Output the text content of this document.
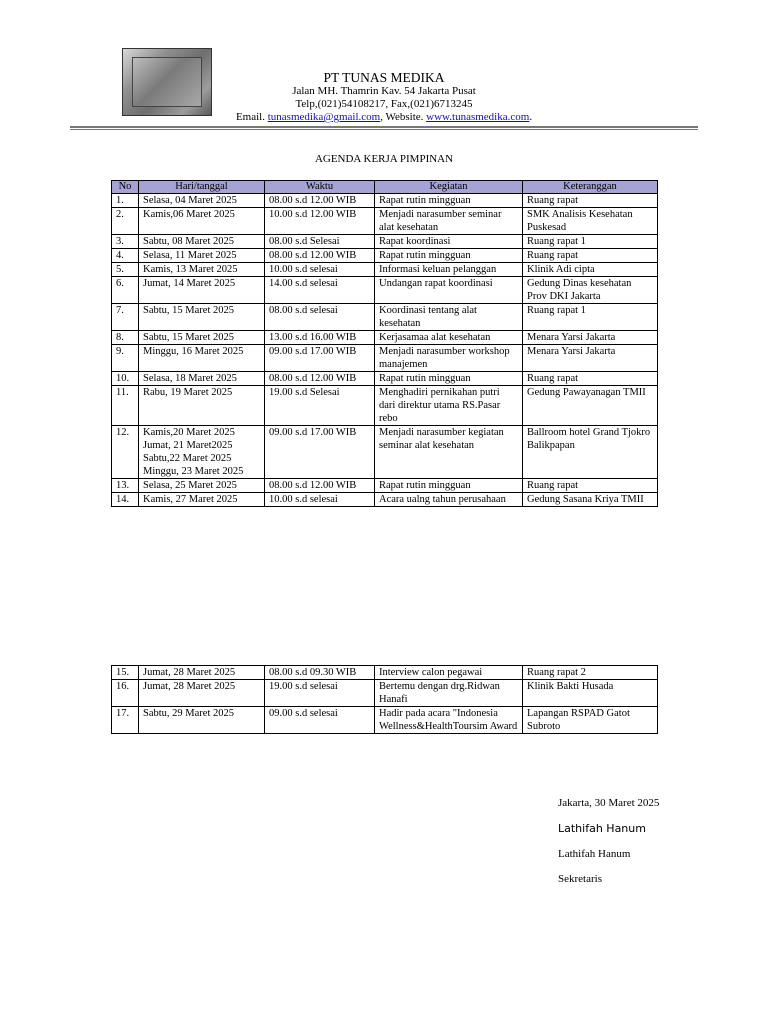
PT TUNAS MEDIKA
Jalan MH. Thamrin Kav. 54 Jakarta Pusat
Telp,(021)54108217, Fax,(021)6713245
Email. tunasmedika@gmail.com, Website. www.tunasmedika.com.
AGENDA KERJA PIMPINAN
No	Hari/tanggal	Waktu	Kegiatan	Keteranggan
1.	Selasa, 04 Maret 2025	08.00 s.d 12.00 WIB	Rapat rutin mingguan	Ruang rapat
2.	Kamis,06 Maret 2025	10.00 s.d 12.00 WIB	Menjadi narasumber seminar alat kesehatan	SMK Analisis Kesehatan Puskesad
3.	Sabtu, 08 Maret 2025	08.00 s.d Selesai	Rapat koordinasi	Ruang rapat 1
4.	Selasa, 11 Maret 2025	08.00 s.d 12.00 WIB	Rapat rutin mingguan	Ruang rapat
5.	Kamis, 13 Maret 2025	10.00 s.d selesai	Informasi keluan pelanggan	Klinik Adi cipta
6.	Jumat, 14 Maret 2025	14.00 s.d selesai	Undangan rapat koordinasi	Gedung Dinas kesehatan Prov DKI Jakarta
7.	Sabtu, 15 Maret 2025	08.00 s.d selesai	Koordinasi tentang alat kesehatan	Ruang rapat 1
8.	Sabtu, 15 Maret 2025	13.00 s.d 16.00 WIB	Kerjasamaa alat kesehatan	Menara Yarsi Jakarta
9.	Minggu, 16 Maret 2025	09.00 s.d 17.00 WIB	Menjadi narasumber workshop manajemen	Menara Yarsi Jakarta
10.	Selasa, 18 Maret 2025	08.00 s.d 12.00 WIB	Rapat rutin mingguan	Ruang rapat
11.	Rabu, 19 Maret 2025	19.00 s.d Selesai	Menghadiri pernikahan putri dari direktur utama RS.Pasar rebo	Gedung Pawayanagan TMII
12.	Kamis,20 Maret 2025 Jumat, 21 Maret2025 Sabtu,22 Maret 2025 Minggu, 23 Maret 2025	09.00 s.d 17.00 WIB	Menjadi narasumber kegiatan seminar alat kesehatan	Ballroom hotel Grand Tjokro Balikpapan
13.	Selasa, 25 Maret 2025	08.00 s.d 12.00 WIB	Rapat rutin mingguan	Ruang rapat
14.	Kamis, 27 Maret 2025	10.00 s.d selesai	Acara ualng tahun perusahaan	Gedung Sasana Kriya TMII
15.	Jumat, 28 Maret 2025	08.00 s.d 09.30 WIB	Interview calon pegawai	Ruang rapat 2
16.	Jumat, 28 Maret 2025	19.00 s.d selesai	Bertemu dengan drg.Ridwan Hanafi	Klinik Bakti Husada
17.	Sabtu, 29 Maret 2025	09.00 s.d selesai	Hadir pada acara "Indonesia Wellness&HealthToursim Award	Lapangan RSPAD Gatot Subroto
Jakarta, 30 Maret 2025
Lathifah Hanum
Lathifah Hanum
Sekretaris
